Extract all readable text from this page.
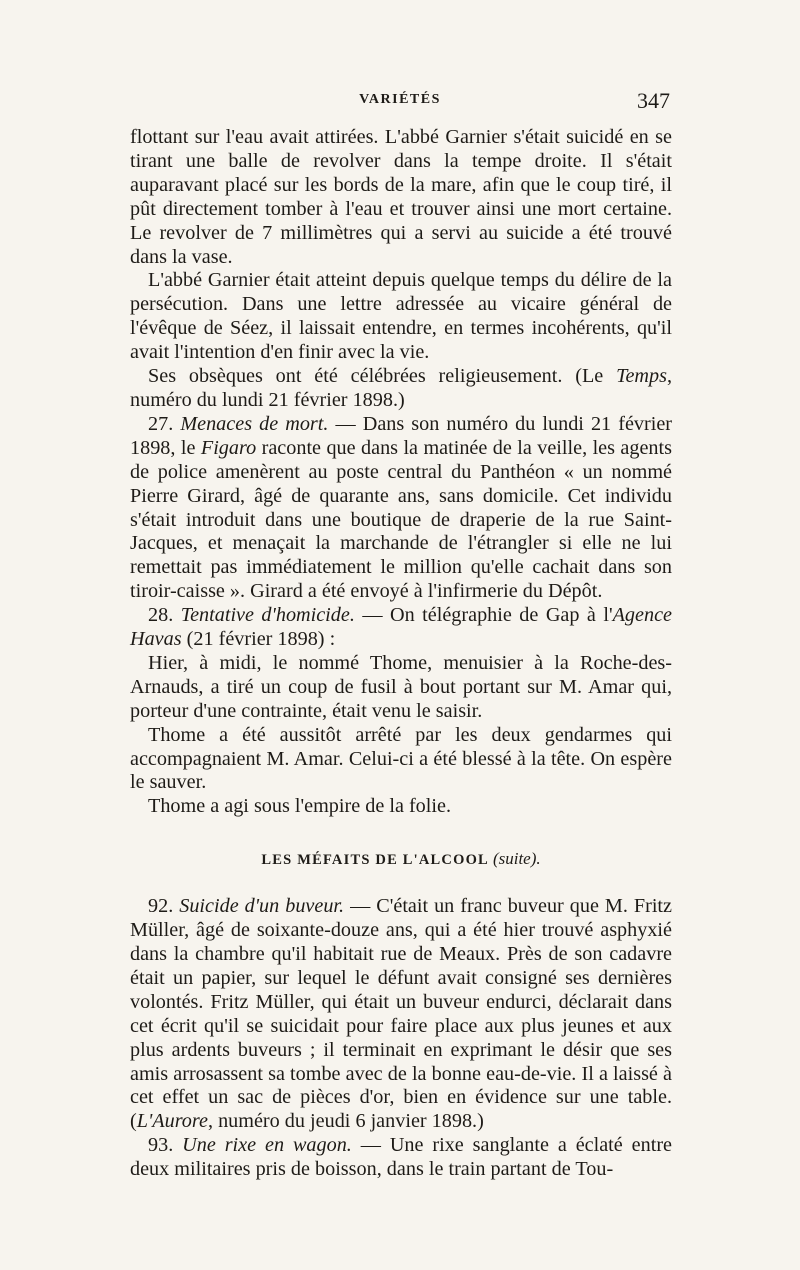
VARIÉTÉS	347

flottant sur l'eau avait attirées. L'abbé Garnier s'était suicidé en se tirant une balle de revolver dans la tempe droite. Il s'était auparavant placé sur les bords de la mare, afin que le coup tiré, il pût directement tomber à l'eau et trouver ainsi une mort certaine. Le revolver de 7 millimètres qui a servi au suicide a été trouvé dans la vase.

L'abbé Garnier était atteint depuis quelque temps du délire de la persécution. Dans une lettre adressée au vicaire général de l'évêque de Séez, il laissait entendre, en termes incohérents, qu'il avait l'intention d'en finir avec la vie.

Ses obsèques ont été célébrées religieusement. (Le Temps, numéro du lundi 21 février 1898.)

27. Menaces de mort. — Dans son numéro du lundi 21 février 1898, le Figaro raconte que dans la matinée de la veille, les agents de police amenèrent au poste central du Panthéon « un nommé Pierre Girard, âgé de quarante ans, sans domicile. Cet individu s'était introduit dans une boutique de draperie de la rue Saint-Jacques, et menaçait la marchande de l'étrangler si elle ne lui remettait pas immédiatement le million qu'elle cachait dans son tiroir-caisse ». Girard a été envoyé à l'infirmerie du Dépôt.

28. Tentative d'homicide. — On télégraphie de Gap à l'Agence Havas (21 février 1898) :

Hier, à midi, le nommé Thome, menuisier à la Roche-des-Arnauds, a tiré un coup de fusil à bout portant sur M. Amar qui, porteur d'une contrainte, était venu le saisir.

Thome a été aussitôt arrêté par les deux gendarmes qui accompagnaient M. Amar. Celui-ci a été blessé à la tête. On espère le sauver.

Thome a agi sous l'empire de la folie.

LES MÉFAITS DE L'ALCOOL (suite).

92. Suicide d'un buveur. — C'était un franc buveur que M. Fritz Müller, âgé de soixante-douze ans, qui a été hier trouvé asphyxié dans la chambre qu'il habitait rue de Meaux. Près de son cadavre était un papier, sur lequel le défunt avait consigné ses dernières volontés. Fritz Müller, qui était un buveur endurci, déclarait dans cet écrit qu'il se suicidait pour faire place aux plus jeunes et aux plus ardents buveurs ; il terminait en exprimant le désir que ses amis arrosassent sa tombe avec de la bonne eau-de-vie. Il a laissé à cet effet un sac de pièces d'or, bien en évidence sur une table. (L'Aurore, numéro du jeudi 6 janvier 1898.)

93. Une rixe en wagon. — Une rixe sanglante a éclaté entre deux militaires pris de boisson, dans le train partant de Tou-
